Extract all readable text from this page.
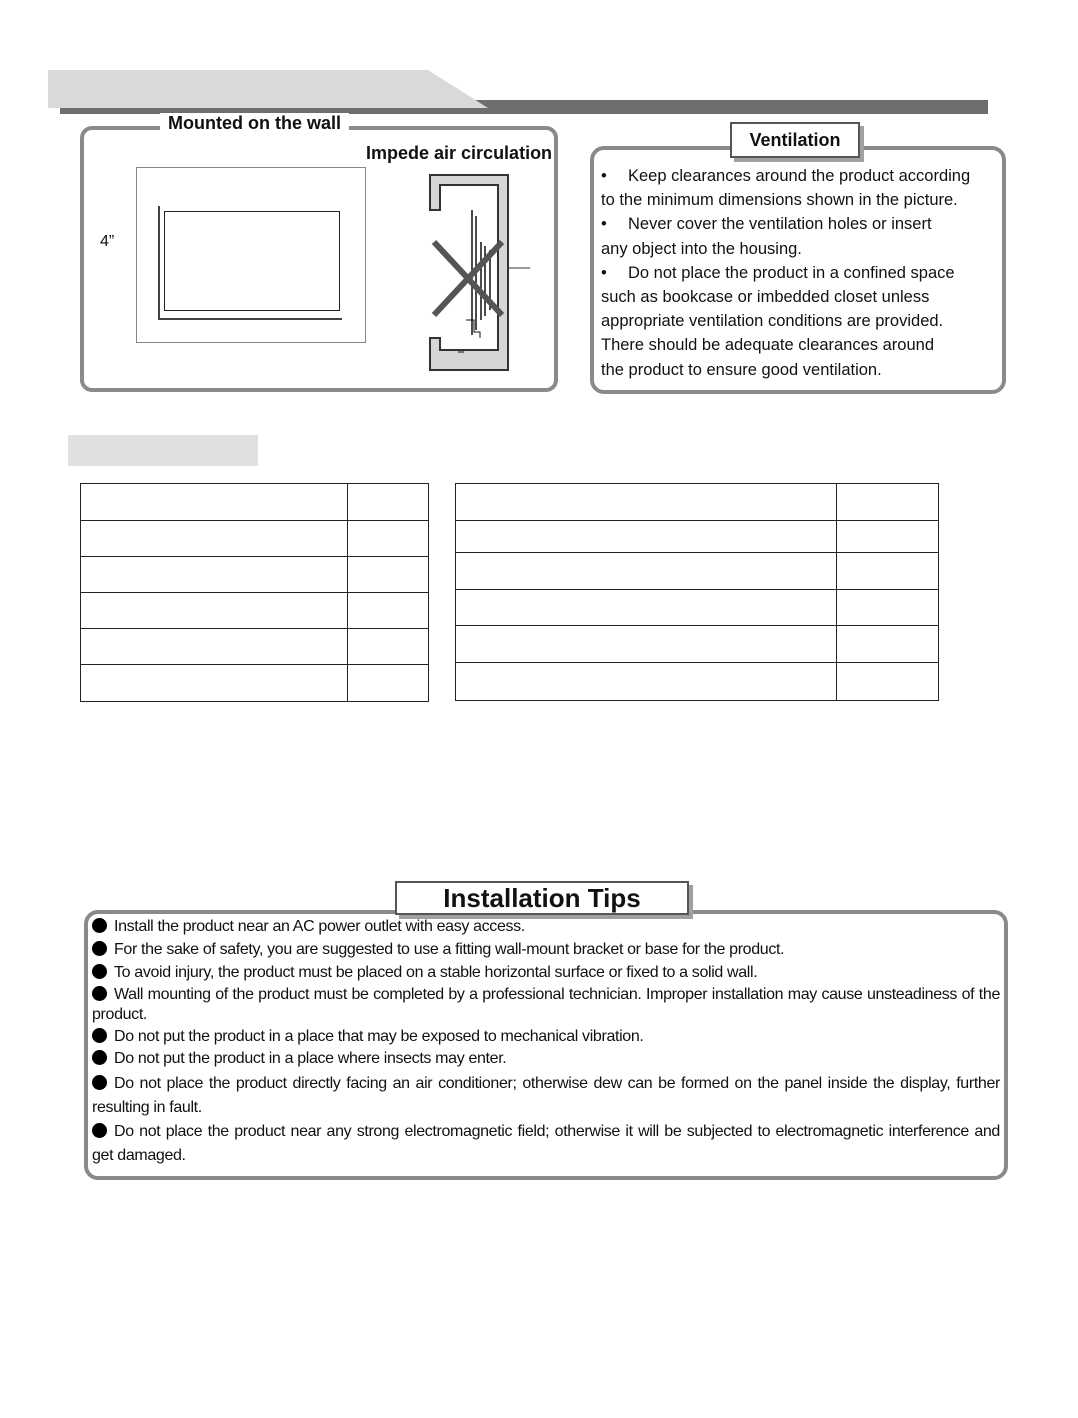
Mounted on the wall
Impede air circulation
4”
Ventilation

• Keep clearances around the product according

to the minimum dimensions shown in the picture.

• Never cover the ventilation holes or insert

any object into the housing.

• Do not place the product in a confined space

such as bookcase or imbedded closet unless

appropriate ventilation conditions are provided.

There should be adequate clearances around

the product to ensure good ventilation.

Installation Tips

Install the product near an AC power outlet with easy access.

For the sake of safety, you are suggested to use a fitting wall-mount bracket or base for the product.

To avoid injury, the product must be placed on a stable horizontal surface or fixed to a solid wall.

Wall mounting of the product must be completed by a professional technician. Improper installation may cause unsteadiness of the product.

Do not put the product in a place that may be exposed to mechanical vibration.

Do not put the product in a place where insects may enter.

Do not place the product directly facing an air conditioner; otherwise dew can be formed on the panel inside the display, further resulting in fault.

Do not place the product near any strong electromagnetic field; otherwise it will be subjected to electromagnetic interference and get damaged.
